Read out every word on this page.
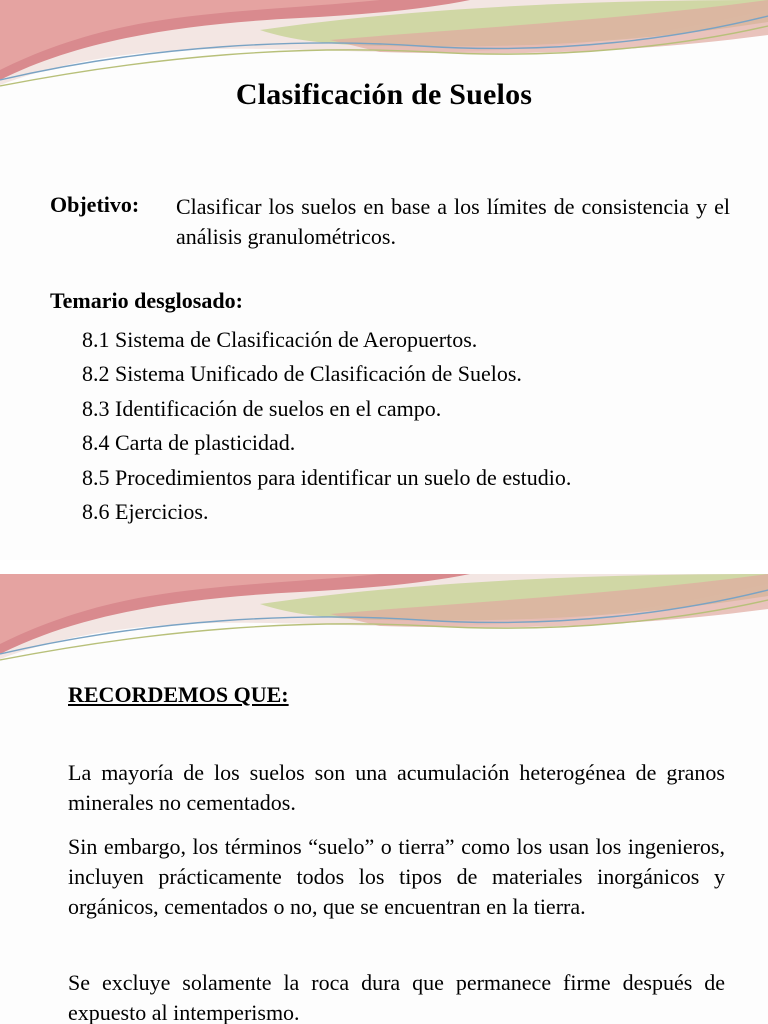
Clasificación de Suelos
Objetivo: Clasificar los suelos en base a los límites de consistencia y el análisis granulométricos.
Temario desglosado:
8.1 Sistema de Clasificación de Aeropuertos.
8.2 Sistema Unificado de Clasificación de Suelos.
8.3 Identificación de suelos en el campo.
8.4 Carta de plasticidad.
8.5 Procedimientos para identificar un suelo de estudio.
8.6 Ejercicios.
RECORDEMOS QUE:

La mayoría de los suelos son una acumulación heterogénea de granos minerales no cementados.

Sin embargo, los términos “suelo” o tierra” como los usan los ingenieros, incluyen prácticamente todos los tipos de materiales inorgánicos y orgánicos, cementados o no, que se encuentran en la tierra.

Se excluye solamente la roca dura que permanece firme después de expuesto al intemperismo.
